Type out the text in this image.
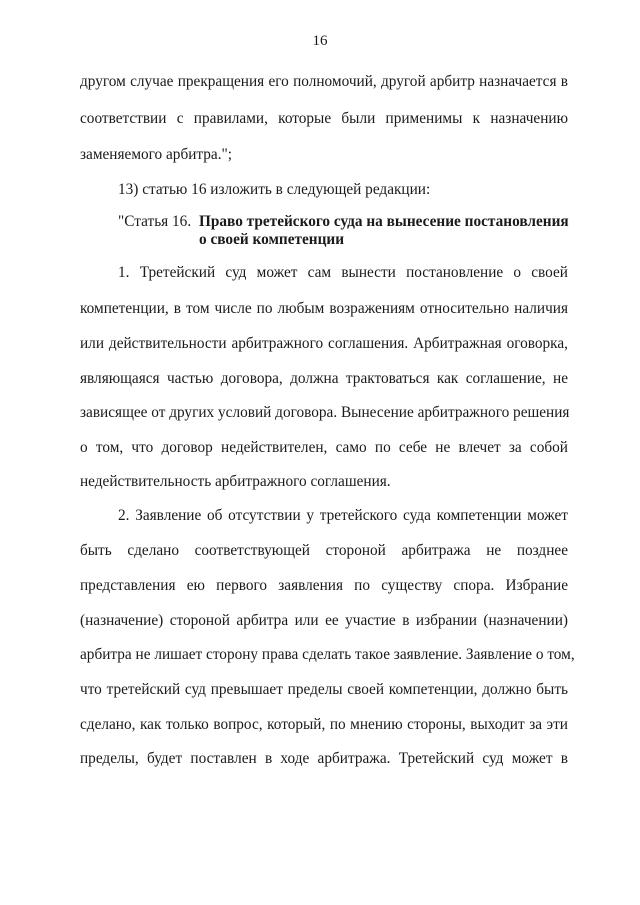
16
другом случае прекращения его полномочий, другой арбитр назначается в
соответствии с правилами, которые были применимы к назначению
заменяемого арбитра.";
13) статью 16 изложить в следующей редакции:
"Статья 16. Право третейского суда на вынесение постановления
о своей компетенции
1. Третейский суд может сам вынести постановление о своей
компетенции, в том числе по любым возражениям относительно наличия
или действительности арбитражного соглашения. Арбитражная оговорка,
являющаяся частью договора, должна трактоваться как соглашение, не
зависящее от других условий договора. Вынесение арбитражного решения
о том, что договор недействителен, само по себе не влечет за собой
недействительность арбитражного соглашения.
2. Заявление об отсутствии у третейского суда компетенции может
быть сделано соответствующей стороной арбитража не позднее
представления ею первого заявления по существу спора. Избрание
(назначение) стороной арбитра или ее участие в избрании (назначении)
арбитра не лишает сторону права сделать такое заявление. Заявление о том,
что третейский суд превышает пределы своей компетенции, должно быть
сделано, как только вопрос, который, по мнению стороны, выходит за эти
пределы, будет поставлен в ходе арбитража. Третейский суд может в
